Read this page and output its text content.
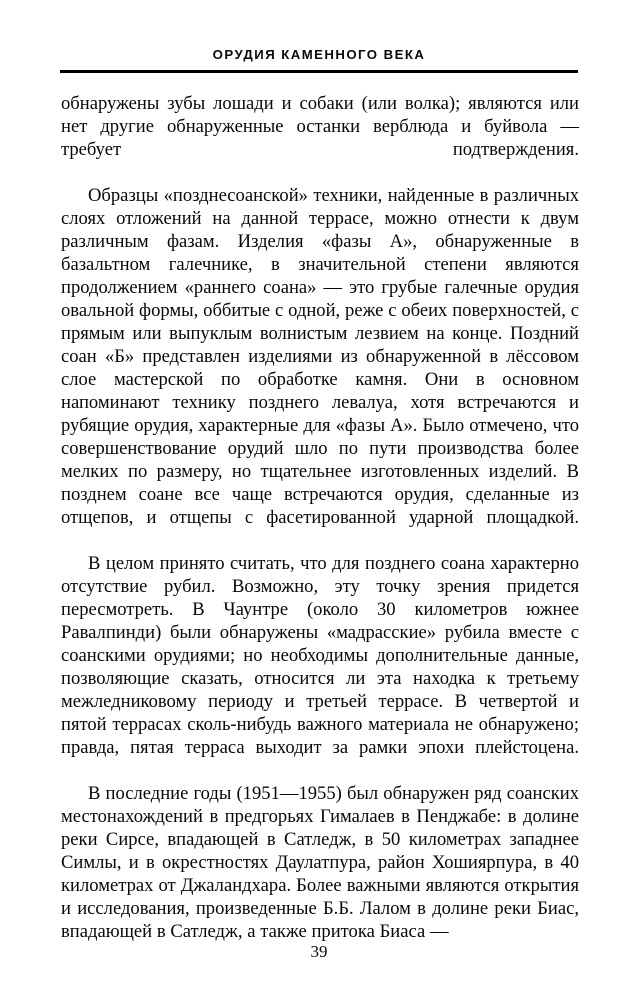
ОРУДИЯ КАМЕННОГО ВЕКА

обнаружены зубы лошади и собаки (или волка); являются или нет другие обнаруженные останки верблюда и буйвола — требует подтверждения.

Образцы «позднесоанской» техники, найденные в различных слоях отложений на данной террасе, можно отнести к двум различным фазам. Изделия «фазы А», обнаруженные в базальтном галечнике, в значительной степени являются продолжением «раннего соана» — это грубые галечные орудия овальной формы, оббитые с одной, реже с обеих поверхностей, с прямым или выпуклым волнистым лезвием на конце. Поздний соан «Б» представлен изделиями из обнаруженной в лёссовом слое мастерской по обработке камня. Они в основном напоминают технику позднего левалуа, хотя встречаются и рубящие орудия, характерные для «фазы А». Было отмечено, что совершенствование орудий шло по пути производства более мелких по размеру, но тщательнее изготовленных изделий. В позднем соане все чаще встречаются орудия, сделанные из отщепов, и отщепы с фасетированной ударной площадкой.

В целом принято считать, что для позднего соана характерно отсутствие рубил. Возможно, эту точку зрения придется пересмотреть. В Чаунтре (около 30 километров южнее Равалпинди) были обнаружены «мадрасские» рубила вместе с соанскими орудиями; но необходимы дополнительные данные, позволяющие сказать, относится ли эта находка к третьему межледниковому периоду и третьей террасе. В четвертой и пятой террасах сколь-нибудь важного материала не обнаружено; правда, пятая терраса выходит за рамки эпохи плейстоцена.

В последние годы (1951—1955) был обнаружен ряд соанских местонахождений в предгорьях Гималаев в Пенджабе: в долине реки Сирсе, впадающей в Сатледж, в 50 километрах западнее Симлы, и в окрестностях Даулатпура, район Хошиярпура, в 40 километрах от Джаландхара. Более важными являются открытия и исследования, произведенные Б.Б. Лалом в долине реки Биас, впадающей в Сатледж, а также притока Биаса —

39
